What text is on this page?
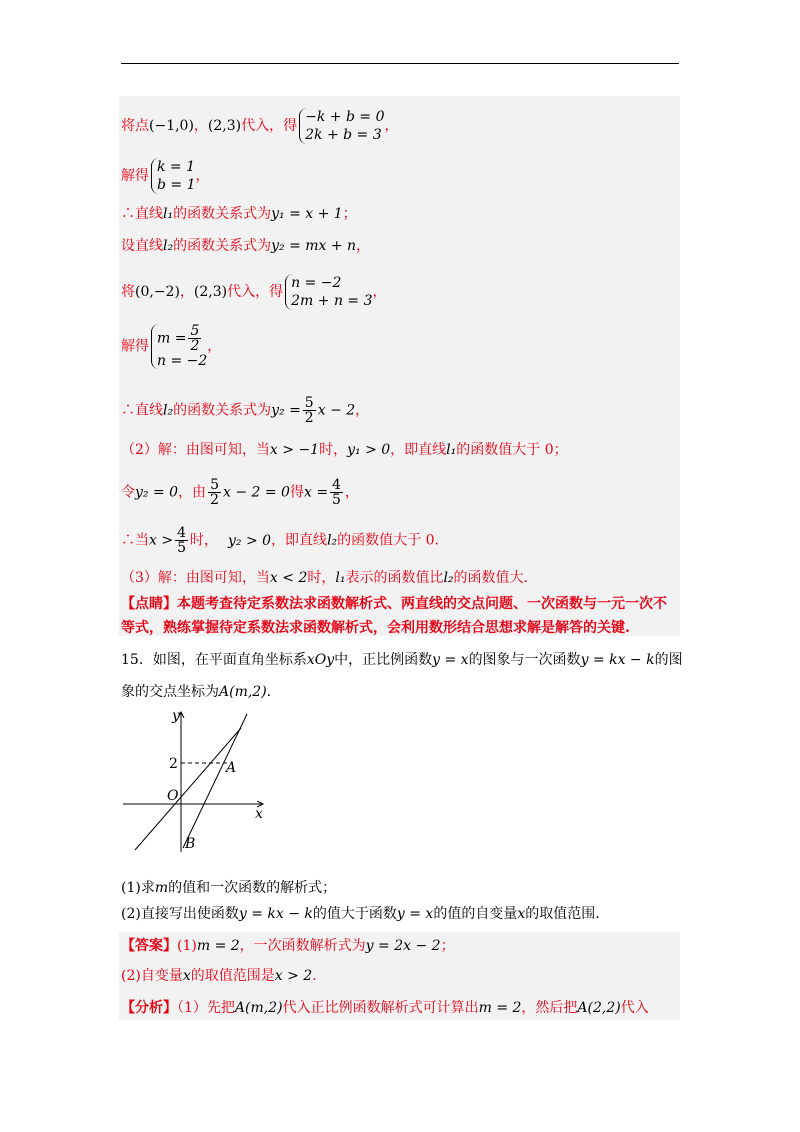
将点(−1,0)，(2,3)代入，得
−k + b = 0
2k + b = 3
，
解得
k = 1
b = 1
，
∴直线l₁的函数关系式为y₁ = x + 1；
设直线l₂的函数关系式为y₂ = mx + n，
将(0,−2)，(2,3)代入，得
n = −2
2m + n = 3
，
解得 $m = \frac{5}{2}$
n = −2
，
∴直线l₂的函数关系式为$y_2 = \frac{5}{2}$ x − 2，
（2）解：由图可知，当x > −1时，y₁ > 0，即直线l₁的函数值大于 0；
令y₂ = 0，由 $\frac{5}{2}$ x − 2 = 0得$x = \frac{4}{5}$ ，
∴当$x > \frac{4}{5}$ 时， y₂ > 0，即直线l₂的函数值大于 0.
（3）解：由图可知，当x < 2时，l₁表示的函数值比l₂的函数值大.
【点睛】本题考查待定系数法求函数解析式、两直线的交点问题、一次函数与一元一次不
等式，熟练掌握待定系数法求函数解析式，会利用数形结合思想求解是解答的关键.
15．如图，在平面直角坐标系xOy中，正比例函数y = x的图象与一次函数y = kx − k的图
象的交点坐标为A(m,2).
y
x
O
2	A
B
(1)求m的值和一次函数的解析式；
(2)直接写出使函数y = kx − k的值大于函数y = x的值的自变量x的取值范围.
【答案】(1)m = 2，一次函数解析式为y = 2x − 2；
(2)自变量x的取值范围是x > 2.
【分析】（1）先把A(m,2)代入正比例函数解析式可计算出m = 2，然后把A(2,2)代入
